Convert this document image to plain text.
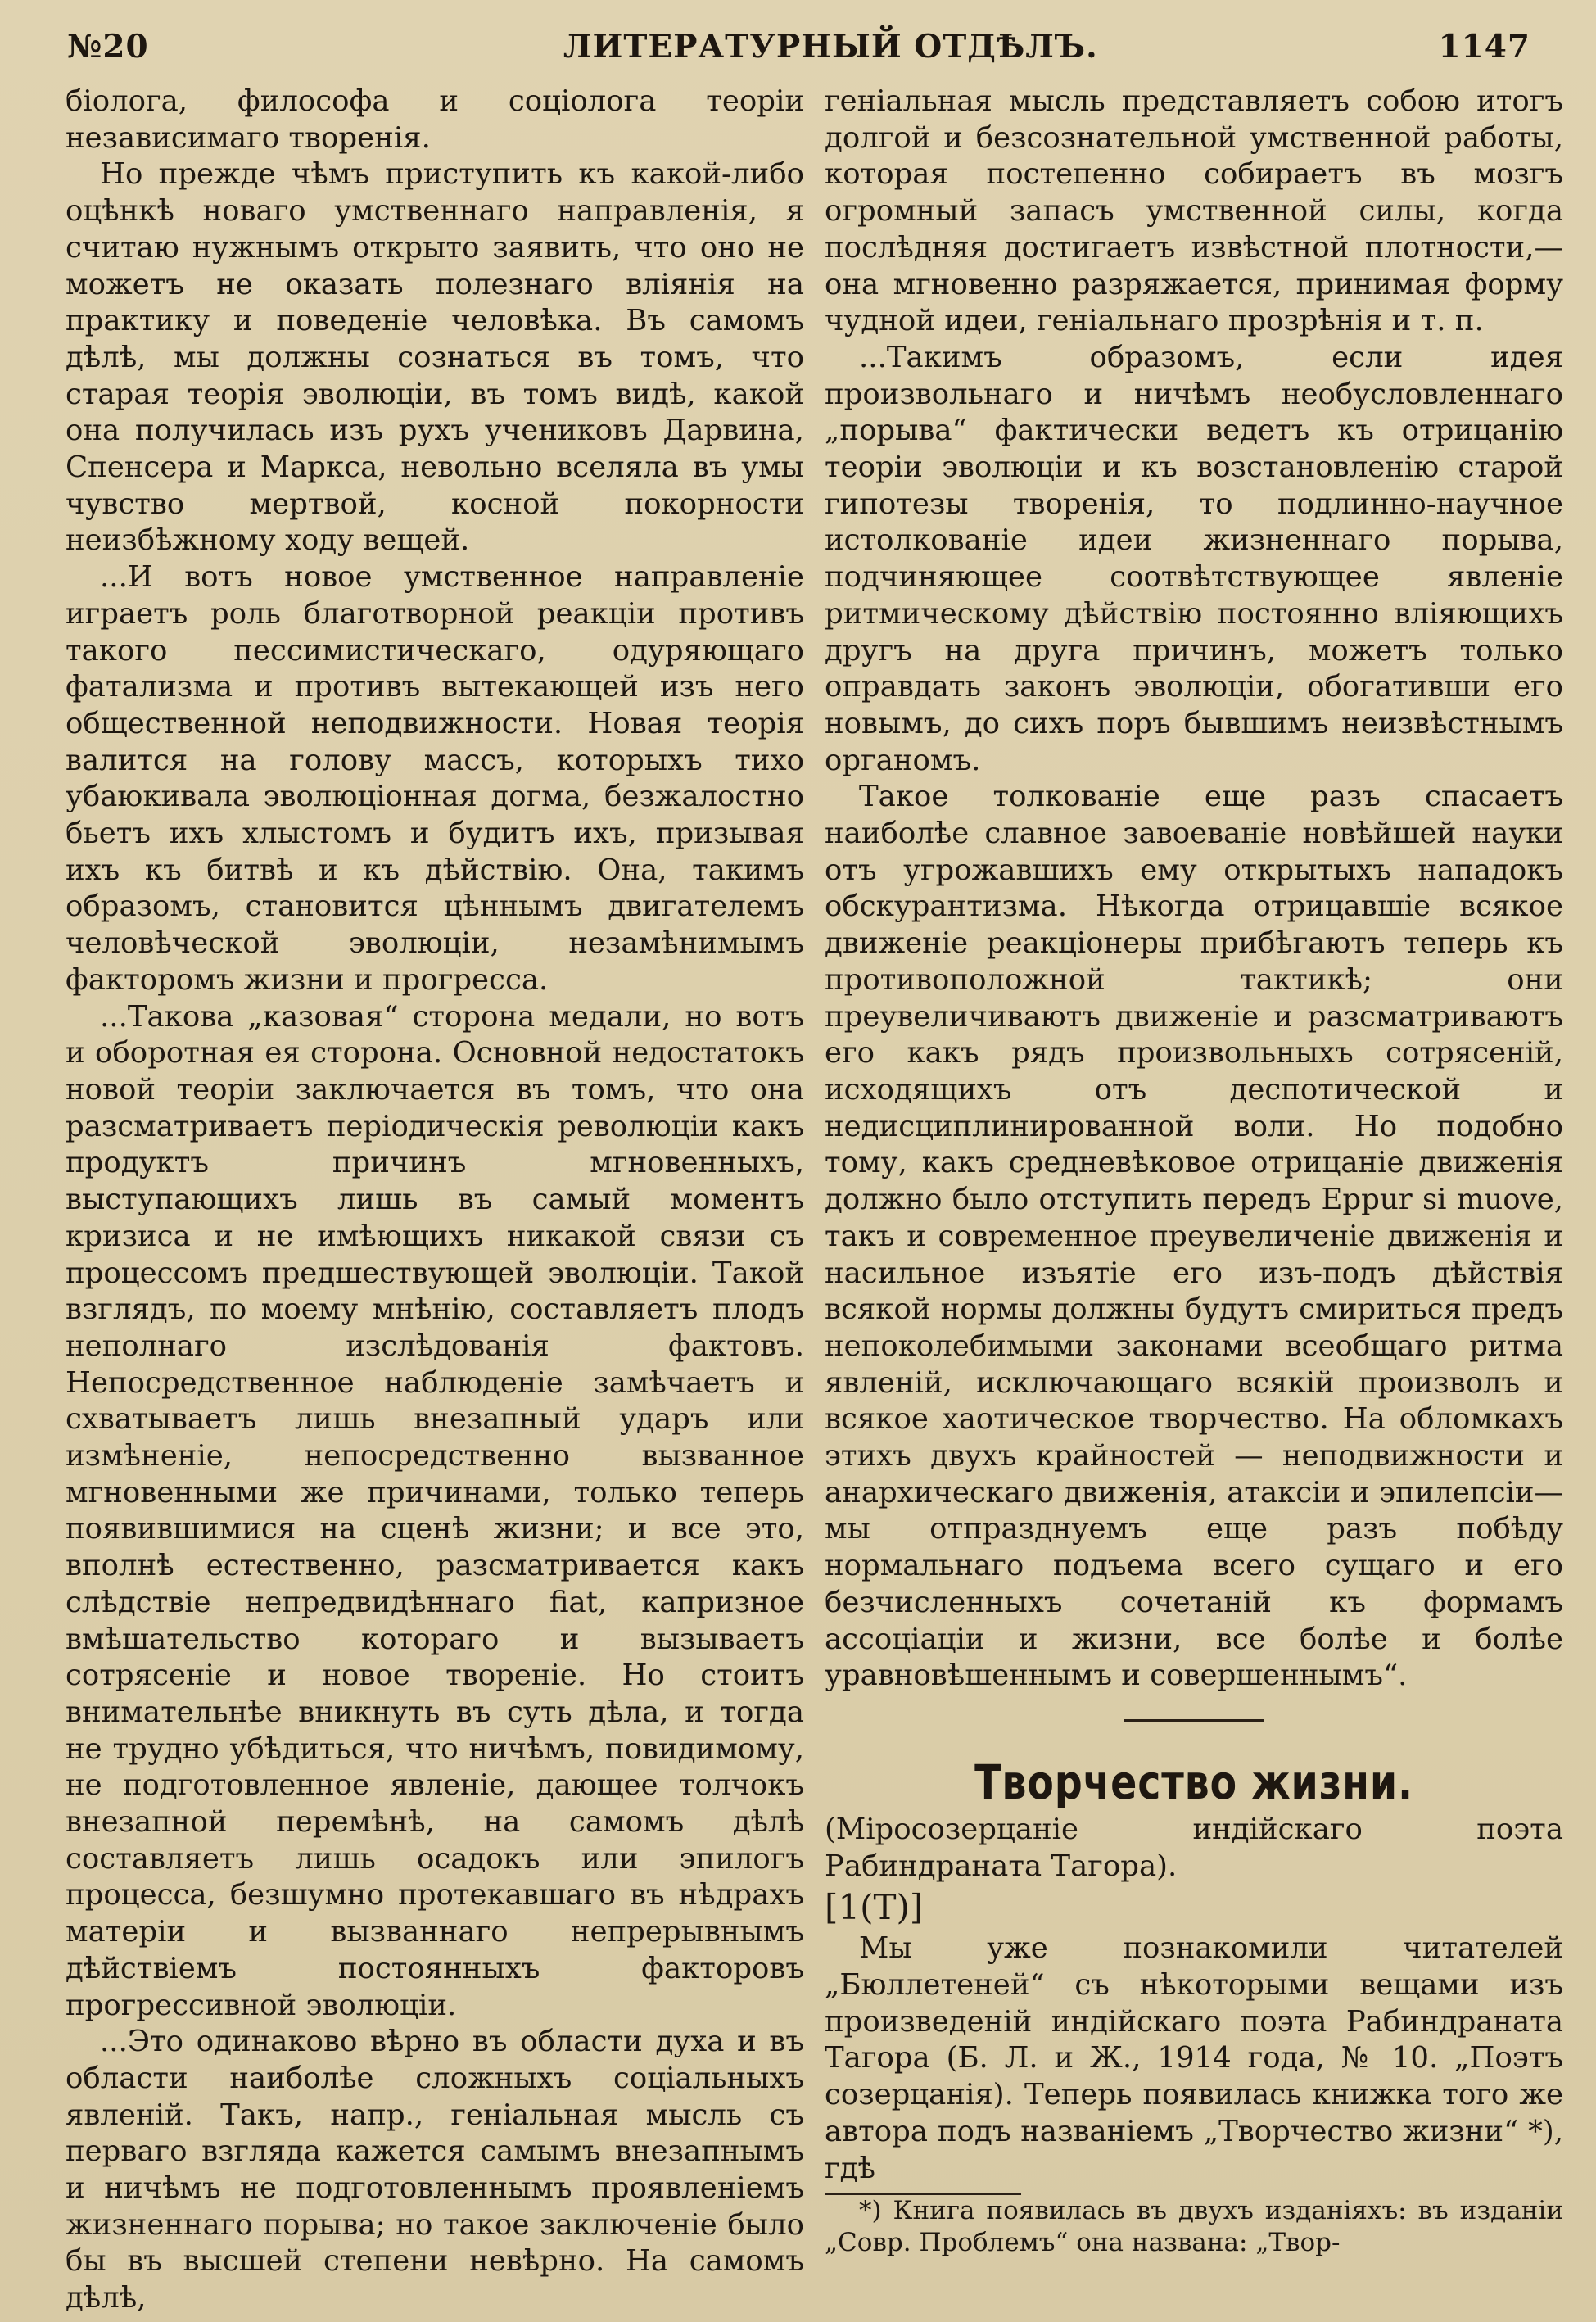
№20	ЛИТЕРАТУРНЫЙ ОТДѢЛЪ.	1147

біолога, философа и соціолога теоріи независимаго творенія.

Но прежде чѣмъ приступить къ какой-либо оцѣнкѣ новаго умственнаго направленія, я считаю нужнымъ открыто заявить, что оно не можетъ не оказать полезнаго вліянія на практику и поведеніе человѣка. Въ самомъ дѣлѣ, мы должны сознаться въ томъ, что старая теорія эволюціи, въ томъ видѣ, какой она получилась изъ рухъ учениковъ Дарвина, Спенсера и Маркса, невольно вселяла въ умы чувство мертвой, косной покорности неизбѣжному ходу вещей.

...И вотъ новое умственное направленіе играетъ роль благотворной реакціи противъ такого пессимистическаго, одуряющаго фатализма и противъ вытекающей изъ него общественной неподвижности. Новая теорія валится на голову массъ, которыхъ тихо убаюкивала эволюціонная догма, безжалостно бьетъ ихъ хлыстомъ и будитъ ихъ, призывая ихъ къ битвѣ и къ дѣйствію. Она, такимъ образомъ, становится цѣннымъ двигателемъ человѣческой эволюціи, незамѣнимымъ факторомъ жизни и прогресса.

...Такова „казовая“ сторона медали, но вотъ и оборотная ея сторона. Основной недостатокъ новой теоріи заключается въ томъ, что она разсматриваетъ періодическія революціи какъ продуктъ причинъ мгновенныхъ, выступающихъ лишь въ самый моментъ кризиса и не имѣющихъ никакой связи съ процессомъ предшествующей эволюціи. Такой взглядъ, по моему мнѣнію, составляетъ плодъ неполнаго изслѣдованія фактовъ. Непосредственное наблюденіе замѣчаетъ и схватываетъ лишь внезапный ударъ или измѣненіе, непосредственно вызванное мгновенными же причинами, только теперь появившимися на сценѣ жизни; и все это, вполнѣ естественно, разсматривается какъ слѣдствіе непредвидѣннаго fiat, капризное вмѣшательство котораго и вызываетъ сотрясеніе и новое твореніе. Но стоитъ внимательнѣе вникнуть въ суть дѣла, и тогда не трудно убѣдиться, что ничѣмъ, повидимому, не подготовленное явленіе, дающее толчокъ внезапной перемѣнѣ, на самомъ дѣлѣ составляетъ лишь осадокъ или эпилогъ процесса, безшумно протекавшаго въ нѣдрахъ матеріи и вызваннаго непрерывнымъ дѣйствіемъ постоянныхъ факторовъ прогрессивной эволюціи.

...Это одинаково вѣрно въ области духа и въ области наиболѣе сложныхъ соціальныхъ явленій. Такъ, напр., геніальная мысль съ перваго взгляда кажется самымъ внезапнымъ и ничѣмъ не подготовленнымъ проявленіемъ жизненнаго порыва; но такое заключеніе было бы въ высшей степени невѣрно. На самомъ дѣлѣ,

геніальная мысль представляетъ собою итогъ долгой и безсознательной умственной работы, которая постепенно собираетъ въ мозгъ огромный запасъ умственной силы, когда послѣдняя достигаетъ извѣстной плотности,—она мгновенно разряжается, принимая форму чудной идеи, геніальнаго прозрѣнія и т. п.

...Такимъ образомъ, если идея произвольнаго и ничѣмъ необусловленнаго „порыва“ фактически ведетъ къ отрицанію теоріи эволюціи и къ возстановленію старой гипотезы творенія, то подлинно-научное истолкованіе идеи жизненнаго порыва, подчиняющее соотвѣтствующее явленіе ритмическому дѣйствію постоянно вліяющихъ другъ на друга причинъ, можетъ только оправдать законъ эволюціи, обогативши его новымъ, до сихъ поръ бывшимъ неизвѣстнымъ органомъ.

Такое толкованіе еще разъ спасаетъ наиболѣе славное завоеваніе новѣйшей науки отъ угрожавшихъ ему открытыхъ нападокъ обскурантизма. Нѣкогда отрицавшіе всякое движеніе реакціонеры прибѣгаютъ теперь къ противоположной тактикѣ; они преувеличиваютъ движеніе и разсматриваютъ его какъ рядъ произвольныхъ сотрясеній, исходящихъ отъ деспотической и недисциплинированной воли. Но подобно тому, какъ средневѣковое отрицаніе движенія должно было отступить передъ Eppur si muove, такъ и современное преувеличеніе движенія и насильное изъятіе его изъ-подъ дѣйствія всякой нормы должны будутъ смириться предъ непоколебимыми законами всеобщаго ритма явленій, исключающаго всякій произволъ и всякое хаотическое творчество. На обломкахъ этихъ двухъ крайностей — неподвижности и анархическаго движенія, атаксіи и эпилепсіи—мы отпразднуемъ еще разъ побѣду нормальнаго подъема всего сущаго и его безчисленныхъ сочетаній къ формамъ ассоціаціи и жизни, все болѣе и болѣе уравновѣшеннымъ и совершеннымъ“.

Творчество жизни.

(Міросозерцаніе индійскаго поэта Рабиндраната Тагора).

[1(Т)]

Мы уже познакомили читателей „Бюллетеней“ съ нѣкоторыми вещами изъ произведеній индійскаго поэта Рабиндраната Тагора (Б. Л. и Ж., 1914 года, № 10. „Поэтъ созерцанія). Теперь появилась книжка того же автора подъ названіемъ „Творчество жизни“ *), гдѣ

*) Книга появилась въ двухъ изданіяхъ: въ изданіи „Совр. Проблемъ“ она названа: „Твор-
